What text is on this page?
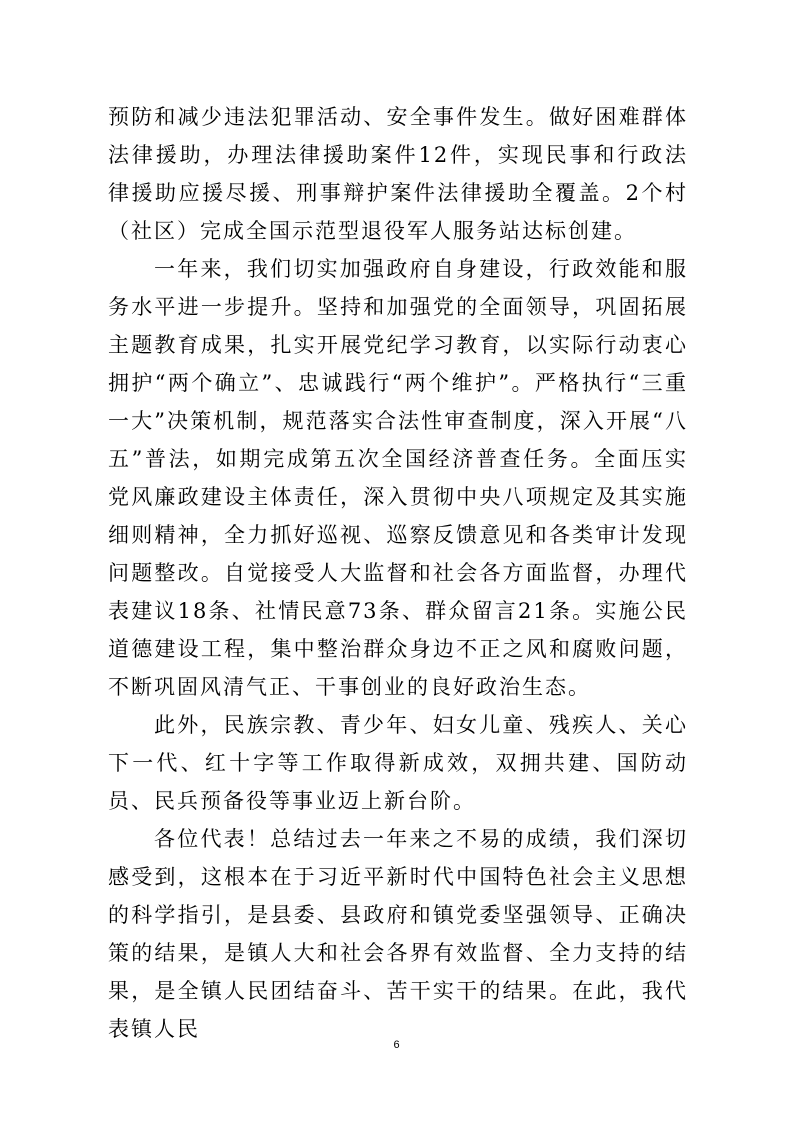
预防和减少违法犯罪活动、安全事件发生。做好困难群体法律援助，办理法律援助案件12件，实现民事和行政法律援助应援尽援、刑事辩护案件法律援助全覆盖。2个村（社区）完成全国示范型退役军人服务站达标创建。

一年来，我们切实加强政府自身建设，行政效能和服务水平进一步提升。坚持和加强党的全面领导，巩固拓展主题教育成果，扎实开展党纪学习教育，以实际行动衷心拥护“两个确立”、忠诚践行“两个维护”。严格执行“三重一大”决策机制，规范落实合法性审查制度，深入开展“八五”普法，如期完成第五次全国经济普查任务。全面压实党风廉政建设主体责任，深入贯彻中央八项规定及其实施细则精神，全力抓好巡视、巡察反馈意见和各类审计发现问题整改。自觉接受人大监督和社会各方面监督，办理代表建议18条、社情民意73条、群众留言21条。实施公民道德建设工程，集中整治群众身边不正之风和腐败问题，不断巩固风清气正、干事创业的良好政治生态。

此外，民族宗教、青少年、妇女儿童、残疾人、关心下一代、红十字等工作取得新成效，双拥共建、国防动员、民兵预备役等事业迈上新台阶。

各位代表！总结过去一年来之不易的成绩，我们深切感受到，这根本在于习近平新时代中国特色社会主义思想的科学指引，是县委、县政府和镇党委坚强领导、正确决策的结果，是镇人大和社会各界有效监督、全力支持的结果，是全镇人民团结奋斗、苦干实干的结果。在此，我代表镇人民

6
